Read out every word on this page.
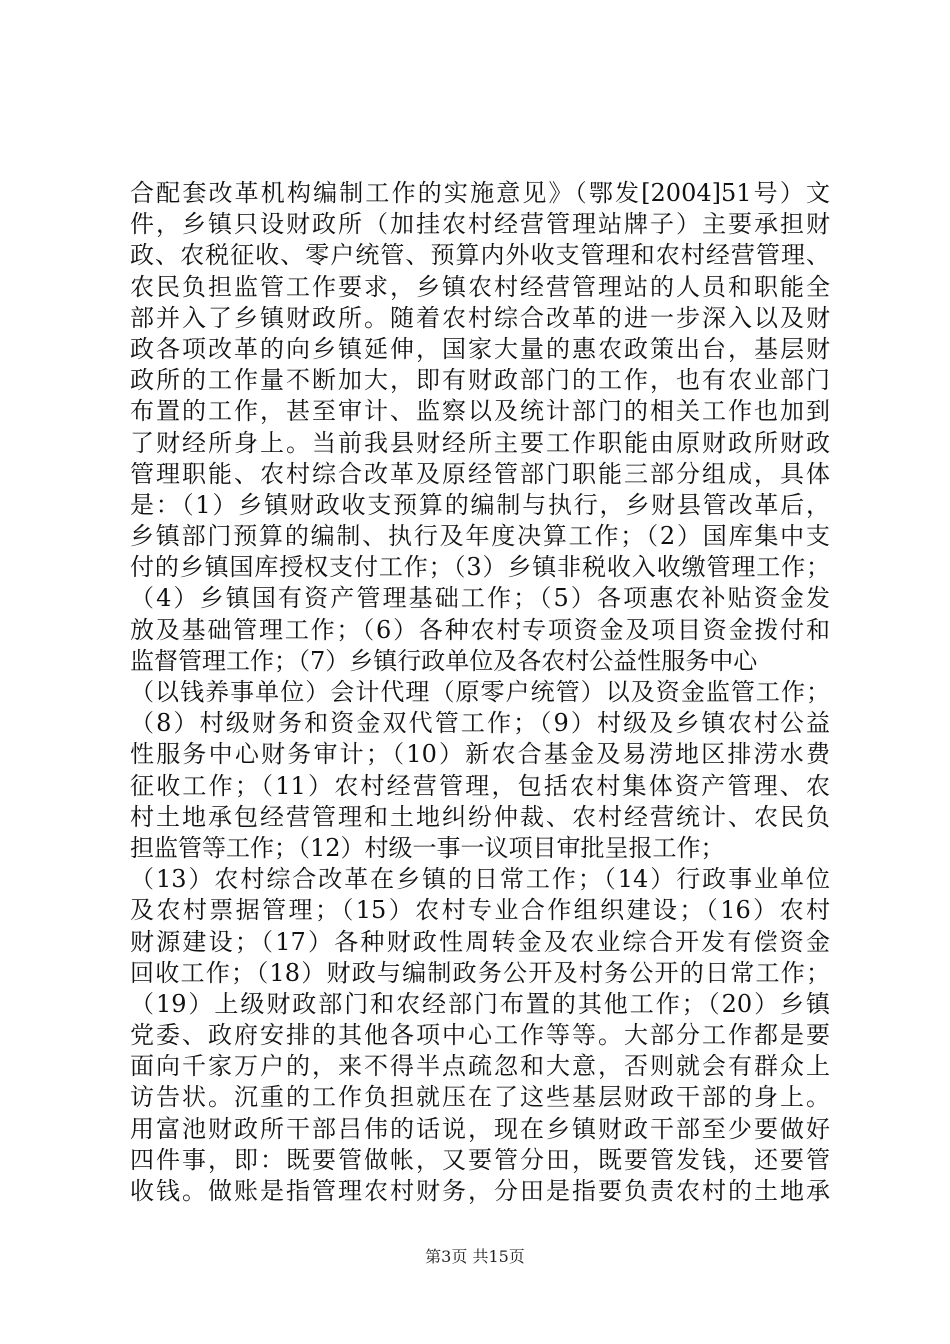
合配套改革机构编制工作的实施意见》（鄂发[2004]51号）文
件，乡镇只设财政所（加挂农村经营管理站牌子）主要承担财
政、农税征收、零户统管、预算内外收支管理和农村经营管理、
农民负担监管工作要求，乡镇农村经营管理站的人员和职能全
部并入了乡镇财政所。随着农村综合改革的进一步深入以及财
政各项改革的向乡镇延伸，国家大量的惠农政策出台，基层财
政所的工作量不断加大，即有财政部门的工作，也有农业部门
布置的工作，甚至审计、监察以及统计部门的相关工作也加到
了财经所身上。当前我县财经所主要工作职能由原财政所财政
管理职能、农村综合改革及原经管部门职能三部分组成，具体
是：（1）乡镇财政收支预算的编制与执行，乡财县管改革后，
乡镇部门预算的编制、执行及年度决算工作；（2）国库集中支
付的乡镇国库授权支付工作；（3）乡镇非税收入收缴管理工作；
（4）乡镇国有资产管理基础工作；（5）各项惠农补贴资金发
放及基础管理工作；（6）各种农村专项资金及项目资金拨付和
监督管理工作；（7）乡镇行政单位及各农村公益性服务中心
（以钱养事单位）会计代理（原零户统管）以及资金监管工作；
（8）村级财务和资金双代管工作；（9）村级及乡镇农村公益
性服务中心财务审计；（10）新农合基金及易涝地区排涝水费
征收工作；（11）农村经营管理，包括农村集体资产管理、农
村土地承包经营管理和土地纠纷仲裁、农村经营统计、农民负
担监管等工作；（12）村级一事一议项目审批呈报工作；
（13）农村综合改革在乡镇的日常工作；（14）行政事业单位
及农村票据管理；（15）农村专业合作组织建设；（16）农村
财源建设；（17）各种财政性周转金及农业综合开发有偿资金
回收工作；（18）财政与编制政务公开及村务公开的日常工作；
（19）上级财政部门和农经部门布置的其他工作；（20）乡镇
党委、政府安排的其他各项中心工作等等。大部分工作都是要
面向千家万户的，来不得半点疏忽和大意，否则就会有群众上
访告状。沉重的工作负担就压在了这些基层财政干部的身上。
用富池财政所干部吕伟的话说，现在乡镇财政干部至少要做好
四件事，即：既要管做帐，又要管分田，既要管发钱，还要管
收钱。做账是指管理农村财务，分田是指要负责农村的土地承
第3页 共15页
